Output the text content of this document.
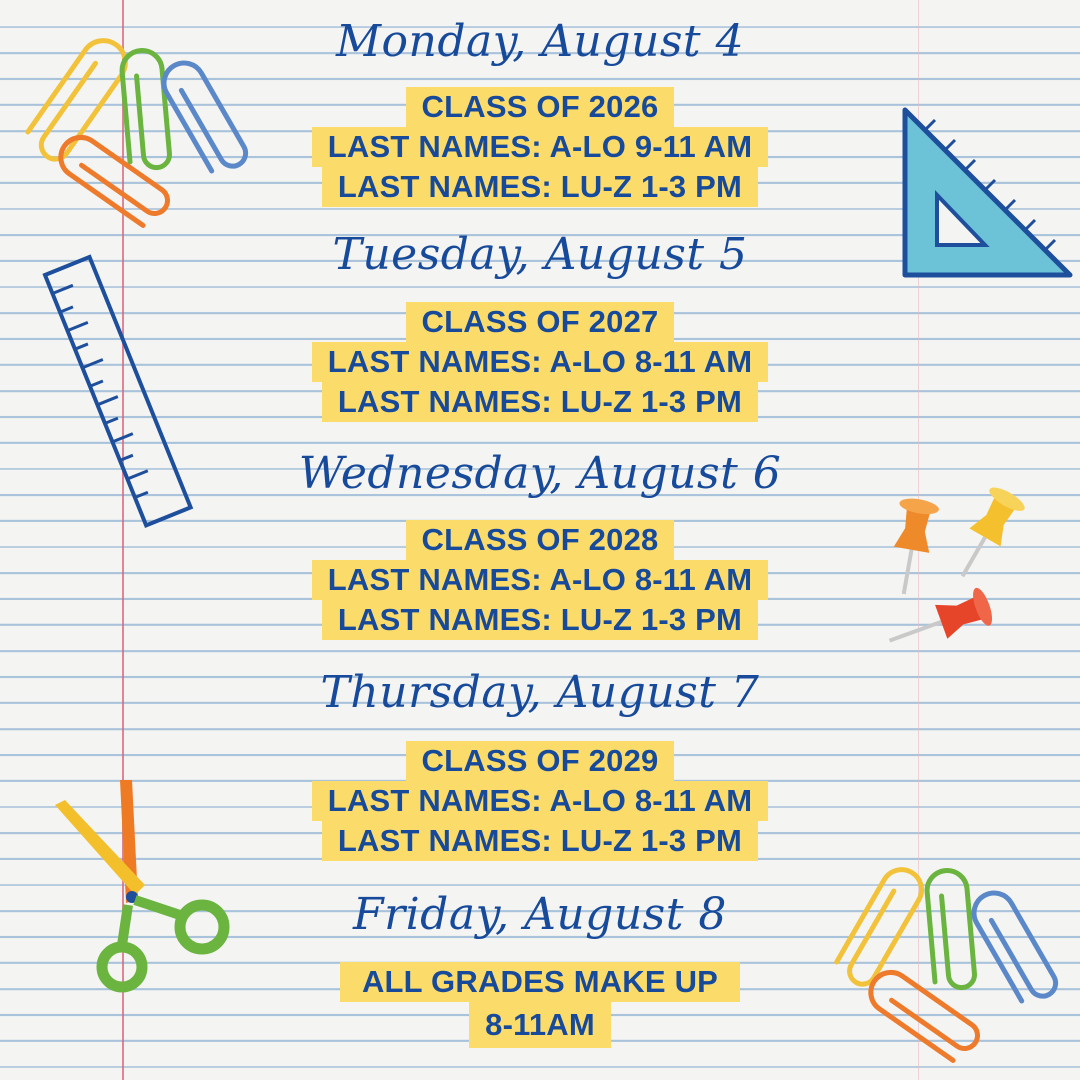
Monday, August 4
CLASS OF 2026
LAST NAMES: A-LO 9-11 AM
LAST NAMES: LU-Z 1-3 PM
Tuesday, August 5
CLASS OF 2027
LAST NAMES: A-LO 8-11 AM
LAST NAMES: LU-Z 1-3 PM
Wednesday, August 6
CLASS OF 2028
LAST NAMES: A-LO 8-11 AM
LAST NAMES: LU-Z 1-3 PM
Thursday, August 7
CLASS OF 2029
LAST NAMES: A-LO 8-11 AM
LAST NAMES: LU-Z 1-3 PM
Friday, August 8
ALL GRADES MAKE UP
8-11AM
